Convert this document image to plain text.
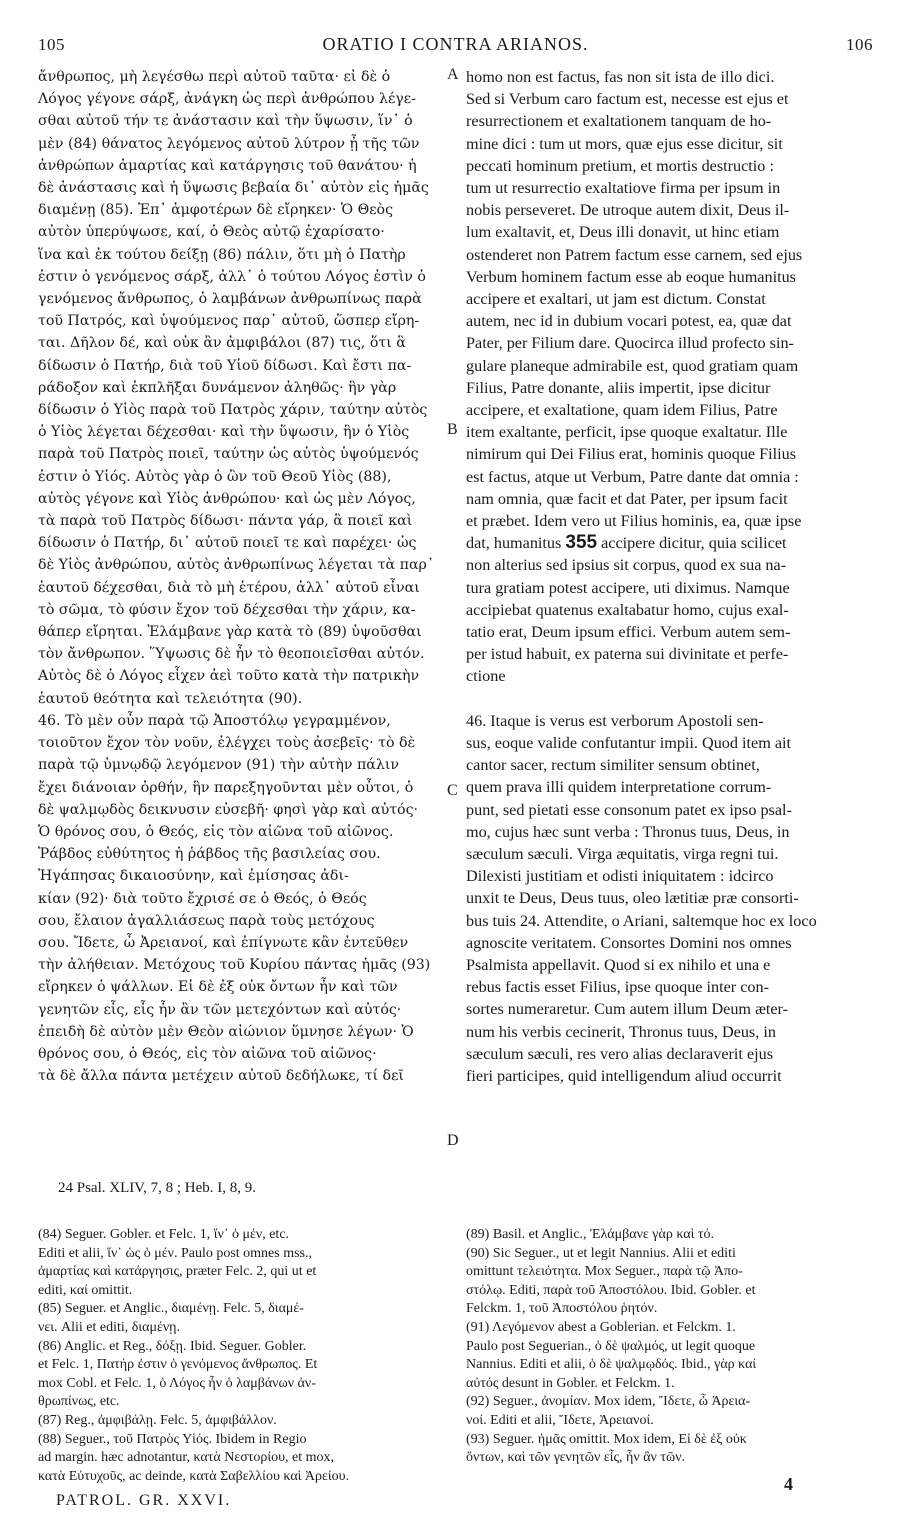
105	ORATIO I CONTRA ARIANOS.	106
ἄνθρωπος, μὴ λεγέσθω περὶ αὐτοῦ ταῦτα· εἰ δὲ ὁ
Λόγος γέγονε σάρξ, ἀνάγκη ὡς περὶ ἀνθρώπου λέγε-
σθαι αὐτοῦ τήν τε ἀνάστασιν καὶ τὴν ὕψωσιν, ἵν᾽ ὁ
μὲν (84) θάνατος λεγόμενος αὐτοῦ λύτρον ᾖ τῆς τῶν
ἀνθρώπων ἁμαρτίας καὶ κατάργησις τοῦ θανάτου· ἡ
δὲ ἀνάστασις καὶ ἡ ὕψωσις βεβαία δι᾽ αὐτὸν εἰς ἡμᾶς
διαμένῃ (85). Ἐπ᾽ ἀμφοτέρων δὲ εἴρηκεν· Ὁ Θεὸς
αὐτὸν ὑπερύψωσε, καί, ὁ Θεὸς αὐτῷ ἐχαρίσατο·
ἵνα καὶ ἐκ τούτου δείξῃ (86) πάλιν, ὅτι μὴ ὁ Πατὴρ
ἐστιν ὁ γενόμενος σάρξ, ἀλλ᾽ ὁ τούτου Λόγος ἐστὶν ὁ
γενόμενος ἄνθρωπος, ὁ λαμβάνων ἀνθρωπίνως παρὰ
τοῦ Πατρός, καὶ ὑψούμενος παρ᾽ αὐτοῦ, ὥσπερ εἴρη-
ται. Δῆλον δέ, καὶ οὐκ ἂν ἀμφιβάλοι (87) τις, ὅτι ἃ
δίδωσιν ὁ Πατήρ, διὰ τοῦ Υἱοῦ δίδωσι. Καὶ ἔστι πα-
ράδοξον καὶ ἐκπλῆξαι δυνάμενον ἀληθῶς· ἣν γὰρ
δίδωσιν ὁ Υἱὸς παρὰ τοῦ Πατρὸς χάριν, ταύτην αὐτὸς
ὁ Υἱὸς λέγεται δέχεσθαι· καὶ τὴν ὕψωσιν, ἣν ὁ Υἱὸς
παρὰ τοῦ Πατρὸς ποιεῖ, ταύτην ὡς αὐτὸς ὑψούμενός
ἐστιν ὁ Υἱός. Αὐτὸς γὰρ ὁ ὢν τοῦ Θεοῦ Υἱὸς (88),
αὐτὸς γέγονε καὶ Υἱὸς ἀνθρώπου· καὶ ὡς μὲν Λόγος,
τὰ παρὰ τοῦ Πατρὸς δίδωσι· πάντα γάρ, ἃ ποιεῖ καὶ
δίδωσιν ὁ Πατήρ, δι᾽ αὐτοῦ ποιεῖ τε καὶ παρέχει· ὡς
δὲ Υἱὸς ἀνθρώπου, αὐτὸς ἀνθρωπίνως λέγεται τὰ παρ᾽
ἑαυτοῦ δέχεσθαι, διὰ τὸ μὴ ἑτέρου, ἀλλ᾽ αὐτοῦ εἶναι
τὸ σῶμα, τὸ φύσιν ἔχον τοῦ δέχεσθαι τὴν χάριν, κα-
θάπερ εἴρηται. Ἐλάμβανε γὰρ κατὰ τὸ (89) ὑψοῦσθαι
τὸν ἄνθρωπον. Ὕψωσις δὲ ἦν τὸ θεοποιεῖσθαι αὐτόν.
Αὐτὸς δὲ ὁ Λόγος εἶχεν ἀεὶ τοῦτο κατὰ τὴν πατρικὴν
ἑαυτοῦ θεότητα καὶ τελειότητα (90).
46. Τὸ μὲν οὖν παρὰ τῷ Ἀποστόλῳ γεγραμμένον,
τοιοῦτον ἔχον τὸν νοῦν, ἐλέγχει τοὺς ἀσεβεῖς· τὸ δὲ
παρὰ τῷ ὑμνῳδῷ λεγόμενον (91) τὴν αὐτὴν πάλιν
ἔχει διάνοιαν ὀρθήν, ἣν παρεξηγοῦνται μὲν οὗτοι, ὁ
δὲ ψαλμῳδὸς δεικνυσιν εὐσεβῆ· φησὶ γὰρ καὶ αὐτός·
Ὁ θρόνος σου, ὁ Θεός, εἰς τὸν αἰῶνα τοῦ αἰῶνος.
Ῥάβδος εὐθύτητος ἡ ῥάβδος τῆς βασιλείας σου.
Ἠγάπησας δικαιοσύνην, καὶ ἐμίσησας ἀδι-
κίαν (92)· διὰ τοῦτο ἔχρισέ σε ὁ Θεός, ὁ Θεός
σου, ἔλαιον ἀγαλλιάσεως παρὰ τοὺς μετόχους
σου. Ἴδετε, ὦ Ἀρειανοί, καὶ ἐπίγνωτε κἂν ἐντεῦθεν
τὴν ἀλήθειαν. Μετόχους τοῦ Κυρίου πάντας ἡμᾶς (93)
εἴρηκεν ὁ ψάλλων. Εἰ δὲ ἐξ οὐκ ὄντων ἦν καὶ τῶν
γενητῶν εἷς, εἷς ἦν ἂν τῶν μετεχόντων καὶ αὐτός·
ἐπειδὴ δὲ αὐτὸν μὲν Θεὸν αἰώνιον ὕμνησε λέγων· Ὁ
θρόνος σου, ὁ Θεός, εἰς τὸν αἰῶνα τοῦ αἰῶνος·
τὰ δὲ ἄλλα πάντα μετέχειν αὐτοῦ δεδήλωκε, τί δεῖ
homo non est factus, fas non sit ista de illo dici.
Sed si Verbum caro factum est, necesse est ejus et
resurrectionem et exaltationem tanquam de ho-
mine dici : tum ut mors, quæ ejus esse dicitur, sit
peccati hominum pretium, et mortis destructio :
tum ut resurrectio exaltatiove firma per ipsum in
nobis perseveret. De utroque autem dixit, Deus il-
lum exaltavit, et, Deus illi donavit, ut hinc etiam
ostenderet non Patrem factum esse carnem, sed ejus
Verbum hominem factum esse ab eoque humanitus
accipere et exaltari, ut jam est dictum. Constat
autem, nec id in dubium vocari potest, ea, quæ dat
Pater, per Filium dare. Quocirca illud profecto sin-
gulare planeque admirabile est, quod gratiam quam
Filius, Patre donante, aliis impertit, ipse dicitur
accipere, et exaltatione, quam idem Filius, Patre
item exaltante, perficit, ipse quoque exaltatur. Ille
nimirum qui Dei Filius erat, hominis quoque Filius
est factus, atque ut Verbum, Patre dante dat omnia :
nam omnia, quæ facit et dat Pater, per ipsum facit
et præbet. Idem vero ut Filius hominis, ea, quæ ipse
dat, humanitus 355 accipere dicitur, quia scilicet
non alterius sed ipsius sit corpus, quod ex sua na-
tura gratiam potest accipere, uti diximus. Namque
accipiebat quatenus exaltabatur homo, cujus exal-
tatio erat, Deum ipsum effici. Verbum autem sem-
per istud habuit, ex paterna sui divinitate et perfe-
ctione
46. Itaque is verus est verborum Apostoli sen-
sus, eoque valide confutantur impii. Quod item ait
cantor sacer, rectum similiter sensum obtinet,
quem prava illi quidem interpretatione corrum-
punt, sed pietati esse consonum patet ex ipso psal-
mo, cujus hæc sunt verba : Thronus tuus, Deus, in
sæculum sæculi. Virga æquitatis, virga regni tui.
Dilexisti justitiam et odisti iniquitatem : idcirco
unxit te Deus, Deus tuus, oleo lætitiæ præ consorti-
bus tuis 24. Attendite, o Ariani, saltemque hoc ex loco
agnoscite veritatem. Consortes Domini nos omnes
Psalmista appellavit. Quod si ex nihilo et una e
rebus factis esset Filius, ipse quoque inter con-
sortes numeraretur. Cum autem illum Deum æter-
num his verbis cecinerit, Thronus tuus, Deus, in
sæculum sæculi, res vero alias declaraverit ejus
fieri participes, quid intelligendum aliud occurrit
A
B
C
D
24 Psal. XLIV, 7, 8 ; Heb. I, 8, 9.
(84) Seguer. Gobler. et Felc. 1, ἵν᾽ ὁ μέν, etc.
Editi et alii, ἵν᾽ ὡς ὁ μέν. Paulo post omnes mss.,
ἁμαρτίας καὶ κατάργησις, præter Felc. 2, qui ut et
editi, καί omittit.
(85) Seguer. et Anglic., διαμένῃ. Felc. 5, διαμέ-
νει. Alii et editi, διαμένῃ.
(86) Anglic. et Reg., δόξῃ. Ibid. Seguer. Gobler.
et Felc. 1, Πατήρ ἐστιν ὁ γενόμενος ἄνθρωπος. Et
mox Cobl. et Felc. 1, ὁ Λόγος ἦν ὁ λαμβάνων ἀν-
θρωπίνως, etc.
(87) Reg., ἀμφιβάλῃ. Felc. 5, ἀμφιβάλλον.
(88) Seguer., τοῦ Πατρὸς Υἱός. Ibidem in Regio
ad margin. hæc adnotantur, κατὰ Νεστορίου, et mox,
κατὰ Εὐτυχοῦς, ac deinde, κατὰ Σαβελλίου καὶ Ἀρείου.
(89) Basil. et Anglic., Ἐλάμβανε γὰρ καὶ τό.
(90) Sic Seguer., ut et legit Nannius. Alii et editi
omittunt τελειότητα. Mox Seguer., παρὰ τῷ Ἀπο-
στόλῳ. Editi, παρὰ τοῦ Ἀποστόλου. Ibid. Gobler. et
Felckm. 1, τοῦ Ἀποστόλου ῥητόν.
(91) Λεγόμενον abest a Goblerian. et Felckm. 1.
Paulo post Seguerian., ὁ δὲ ψαλμός, ut legit quoque
Nannius. Editi et alii, ὁ δὲ ψαλμῳδός. Ibid., γὰρ καί
αὐτός desunt in Gobler. et Felckm. 1.
(92) Seguer., ἀνομίαν. Mox idem, Ἴδετε, ὦ Ἀρεια-
νοί. Editi et alii, Ἴδετε, Ἀρειανοί.
(93) Seguer. ἡμᾶς omittit. Mox idem, Εἰ δὲ ἐξ οὐκ
ὄντων, καὶ τῶν γενητῶν εἷς, ἦν ἂν τῶν.
PATROL. GR. XXVI.
4
